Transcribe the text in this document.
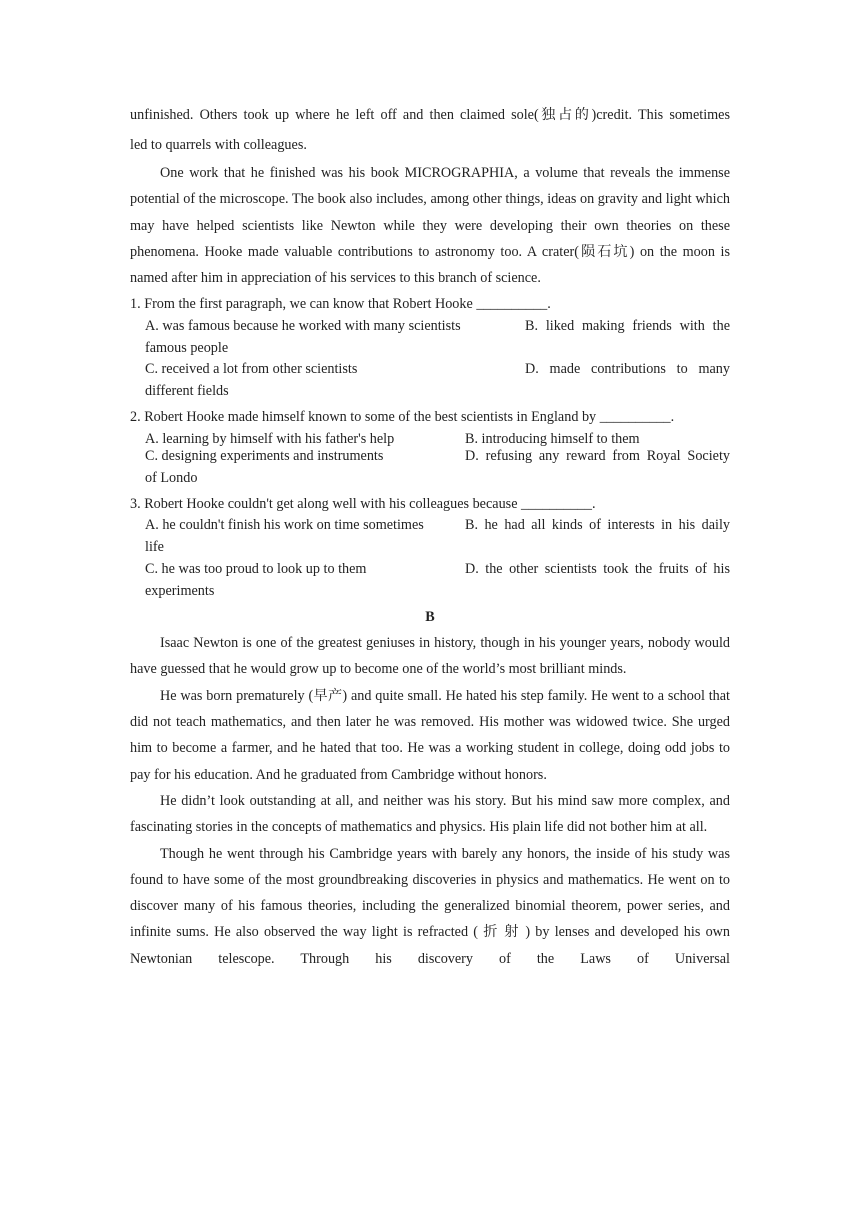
unfinished. Others took up where he left off and then claimed sole(独占的)credit. This sometimes

led to quarrels with colleagues.

One work that he finished was his book MICROGRAPHIA, a volume that reveals the immense potential of the microscope. The book also includes, among other things, ideas on gravity and light which may have helped scientists like Newton while they were developing their own theories on these phenomena. Hooke made valuable contributions to astronomy too. A crater(陨石坑) on the moon is named after him in appreciation of his services to this branch of science.

1. From the first paragraph, we can know that Robert Hooke __________.

A. was famous because he worked with many scientists	B. liked making friends with the
famous people
C. received a lot from other scientists	D. made contributions to many
different fields

2. Robert Hooke made himself known to some of the best scientists in England by __________.

A. learning by himself with his father's help	B. introducing himself to them
C. designing experiments and instruments	D. refusing any reward from Royal Society
of Londo

3. Robert Hooke couldn't get along well with his colleagues because __________.

A. he couldn't finish his work on time sometimes	B. he had all kinds of interests in his daily
life
C. he was too proud to look up to them	D. the other scientists took the fruits of his
experiments

B

Isaac Newton is one of the greatest geniuses in history, though in his younger years, nobody would have guessed that he would grow up to become one of the world’s most brilliant minds.

He was born prematurely (早产) and quite small. He hated his step family. He went to a school that did not teach mathematics, and then later he was removed. His mother was widowed twice. She urged him to become a farmer, and he hated that too. He was a working student in college, doing odd jobs to pay for his education. And he graduated from Cambridge without honors.

He didn’t look outstanding at all, and neither was his story. But his mind saw more complex, and fascinating stories in the concepts of mathematics and physics. His plain life did not bother him at all.

Though he went through his Cambridge years with barely any honors, the inside of his study was found to have some of the most groundbreaking discoveries in physics and mathematics. He went on to discover many of his famous theories, including the generalized binomial theorem, power series, and infinite sums. He also observed the way light is refracted ( 折 射 ) by lenses and developed his own Newtonian telescope. Through his discovery of the Laws of Universal
